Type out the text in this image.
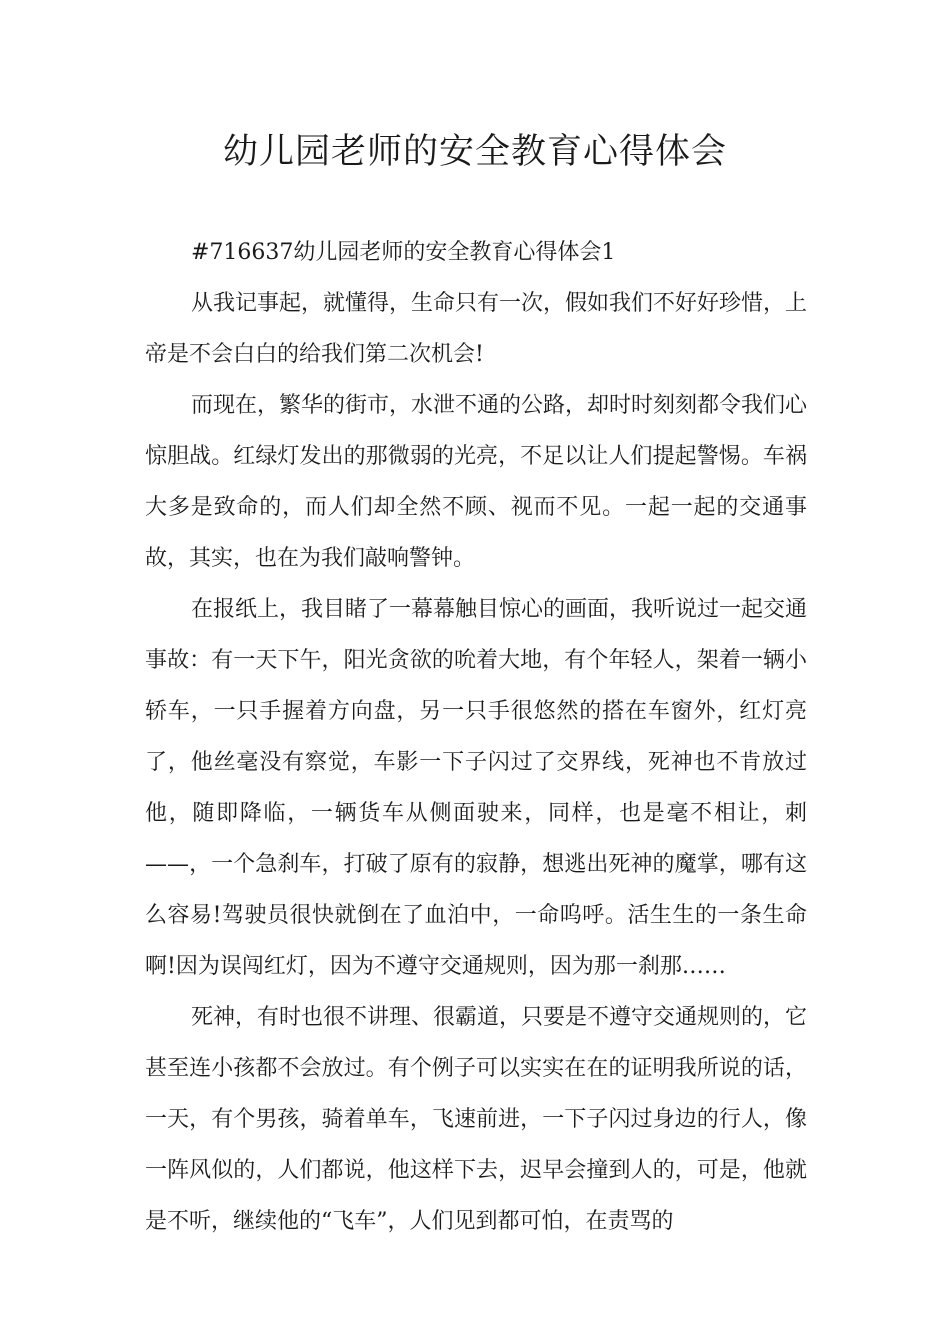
幼儿园老师的安全教育心得体会

#716637幼儿园老师的安全教育心得体会1

从我记事起，就懂得，生命只有一次，假如我们不好好珍惜，上帝是不会白白的给我们第二次机会!

而现在，繁华的街市，水泄不通的公路，却时时刻刻都令我们心惊胆战。红绿灯发出的那微弱的光亮，不足以让人们提起警惕。车祸大多是致命的，而人们却全然不顾、视而不见。一起一起的交通事故，其实，也在为我们敲响警钟。

在报纸上，我目睹了一幕幕触目惊心的画面，我听说过一起交通事故：有一天下午，阳光贪欲的吮着大地，有个年轻人，架着一辆小轿车，一只手握着方向盘，另一只手很悠然的搭在车窗外，红灯亮了，他丝毫没有察觉，车影一下子闪过了交界线，死神也不肯放过他，随即降临，一辆货车从侧面驶来，同样，也是毫不相让，刺——，一个急刹车，打破了原有的寂静，想逃出死神的魔掌，哪有这么容易!驾驶员很快就倒在了血泊中，一命呜呼。活生生的一条生命啊!因为误闯红灯，因为不遵守交通规则，因为那一刹那……

死神，有时也很不讲理、很霸道，只要是不遵守交通规则的，它甚至连小孩都不会放过。有个例子可以实实在在的证明我所说的话，一天，有个男孩，骑着单车，飞速前进，一下子闪过身边的行人，像一阵风似的，人们都说，他这样下去，迟早会撞到人的，可是，他就是不听，继续他的“飞车”，人们见到都可怕，在责骂的
